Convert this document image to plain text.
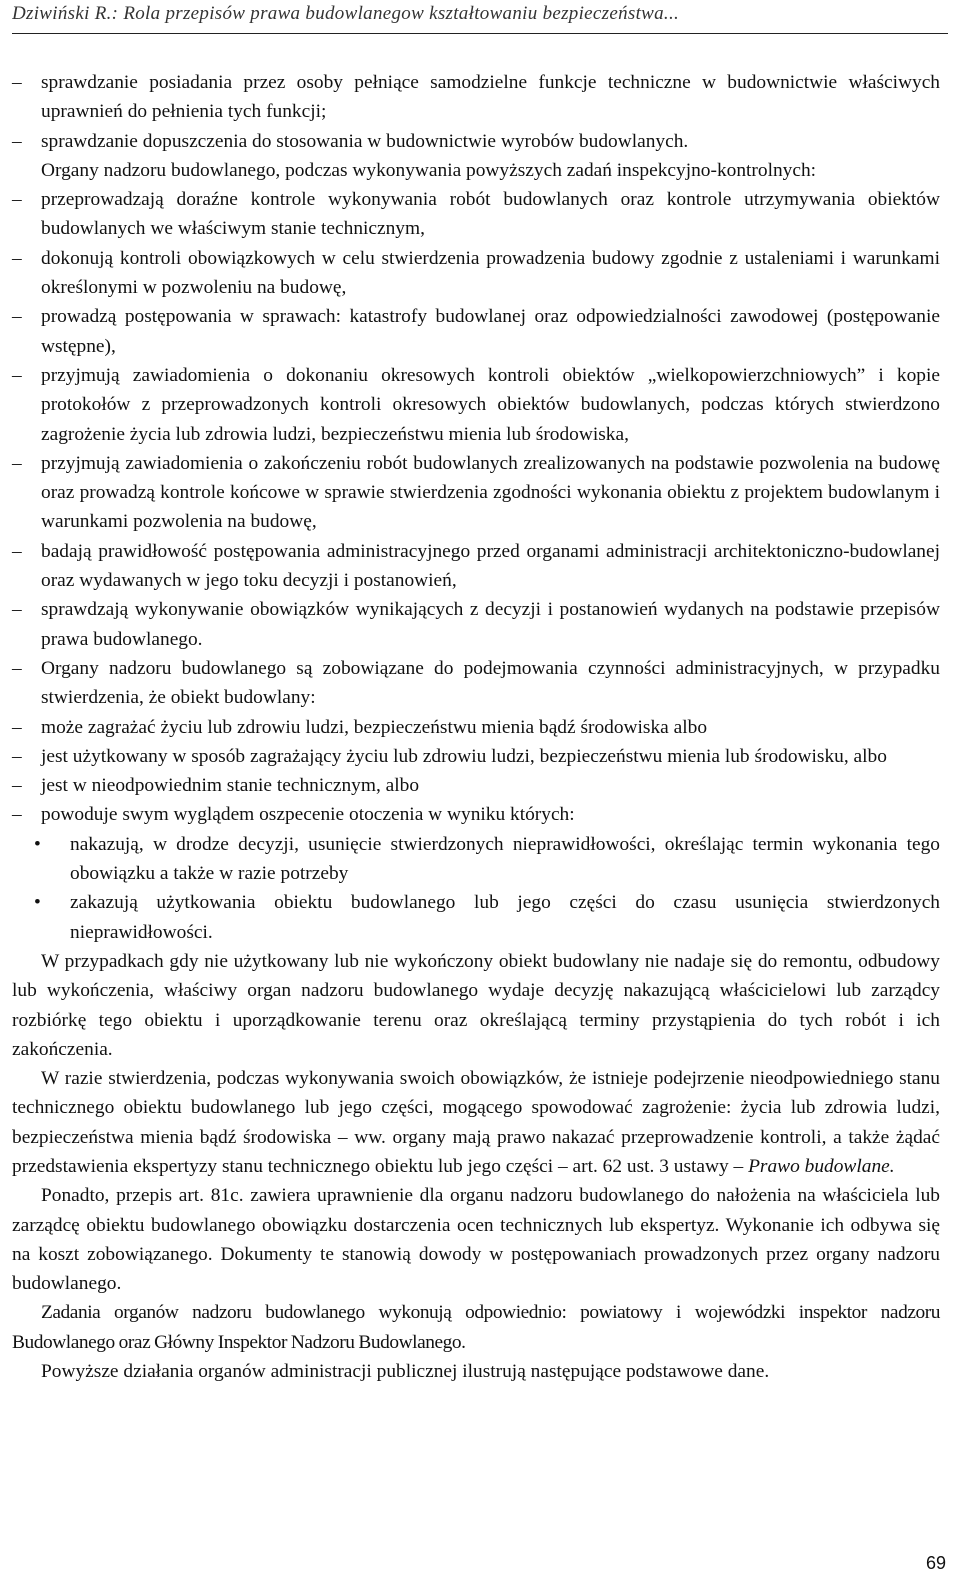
Dziwiński R.: Rola przepisów prawa budowlanegow kształtowaniu bezpieczeństwa...

– sprawdzanie posiadania przez osoby pełniące samodzielne funkcje techniczne w budownictwie właściwych uprawnień do pełnienia tych funkcji;

– sprawdzanie dopuszczenia do stosowania w budownictwie wyrobów budowlanych.

Organy nadzoru budowlanego, podczas wykonywania powyższych zadań inspekcyjno-kontrolnych:

– przeprowadzają doraźne kontrole wykonywania robót budowlanych oraz kontrole utrzymywania obiektów budowlanych we właściwym stanie technicznym,

– dokonują kontroli obowiązkowych w celu stwierdzenia prowadzenia budowy zgodnie z ustaleniami i warunkami określonymi w pozwoleniu na budowę,

– prowadzą postępowania w sprawach: katastrofy budowlanej oraz odpowiedzialności zawodowej (postępowanie wstępne),

– przyjmują zawiadomienia o dokonaniu okresowych kontroli obiektów „wielkopowierzchniowych” i kopie protokołów z przeprowadzonych kontroli okresowych obiektów budowlanych, podczas których stwierdzono zagrożenie życia lub zdrowia ludzi, bezpieczeństwu mienia lub środowiska,

– przyjmują zawiadomienia o zakończeniu robót budowlanych zrealizowanych na podstawie pozwolenia na budowę oraz prowadzą kontrole końcowe w sprawie stwierdzenia zgodności wykonania obiektu z projektem budowlanym i warunkami pozwolenia na budowę,

– badają prawidłowość postępowania administracyjnego przed organami administracji architektoniczno-budowlanej oraz wydawanych w jego toku decyzji i postanowień,

– sprawdzają wykonywanie obowiązków wynikających z decyzji i postanowień wydanych na podstawie przepisów prawa budowlanego.

– Organy nadzoru budowlanego są zobowiązane do podejmowania czynności administracyjnych, w przypadku stwierdzenia, że obiekt budowlany:

– może zagrażać życiu lub zdrowiu ludzi, bezpieczeństwu mienia bądź środowiska albo

– jest użytkowany w sposób zagrażający życiu lub zdrowiu ludzi, bezpieczeństwu mienia lub środowisku, albo

– jest w nieodpowiednim stanie technicznym, albo

– powoduje swym wyglądem oszpecenie otoczenia w wyniku których:

• nakazują, w drodze decyzji, usunięcie stwierdzonych nieprawidłowości, określając termin wykonania tego obowiązku a także w razie potrzeby

• zakazują użytkowania obiektu budowlanego lub jego części do czasu usunięcia stwierdzonych nieprawidłowości.

W przypadkach gdy nie użytkowany lub nie wykończony obiekt budowlany nie nadaje się do remontu, odbudowy lub wykończenia, właściwy organ nadzoru budowlanego wydaje decyzję nakazującą właścicielowi lub zarządcy rozbiórkę tego obiektu i uporządkowanie terenu oraz określającą terminy przystąpienia do tych robót i ich zakończenia.

W razie stwierdzenia, podczas wykonywania swoich obowiązków, że istnieje podejrzenie nieodpowiedniego stanu technicznego obiektu budowlanego lub jego części, mogącego spowodować zagrożenie: życia lub zdrowia ludzi, bezpieczeństwa mienia bądź środowiska – ww. organy mają prawo nakazać przeprowadzenie kontroli, a także żądać przedstawienia ekspertyzy stanu technicznego obiektu lub jego części – art. 62 ust. 3 ustawy – Prawo budowlane.

Ponadto, przepis art. 81c. zawiera uprawnienie dla organu nadzoru budowlanego do nałożenia na właściciela lub zarządcę obiektu budowlanego obowiązku dostarczenia ocen technicznych lub ekspertyz. Wykonanie ich odbywa się na koszt zobowiązanego. Dokumenty te stanowią dowody w postępowaniach prowadzonych przez organy nadzoru budowlanego.

Zadania organów nadzoru budowlanego wykonują odpowiednio: powiatowy i wojewódzki inspektor nadzoru Budowlanego oraz Główny Inspektor Nadzoru Budowlanego.

Powyższe działania organów administracji publicznej ilustrują następujące podstawowe dane.

69
